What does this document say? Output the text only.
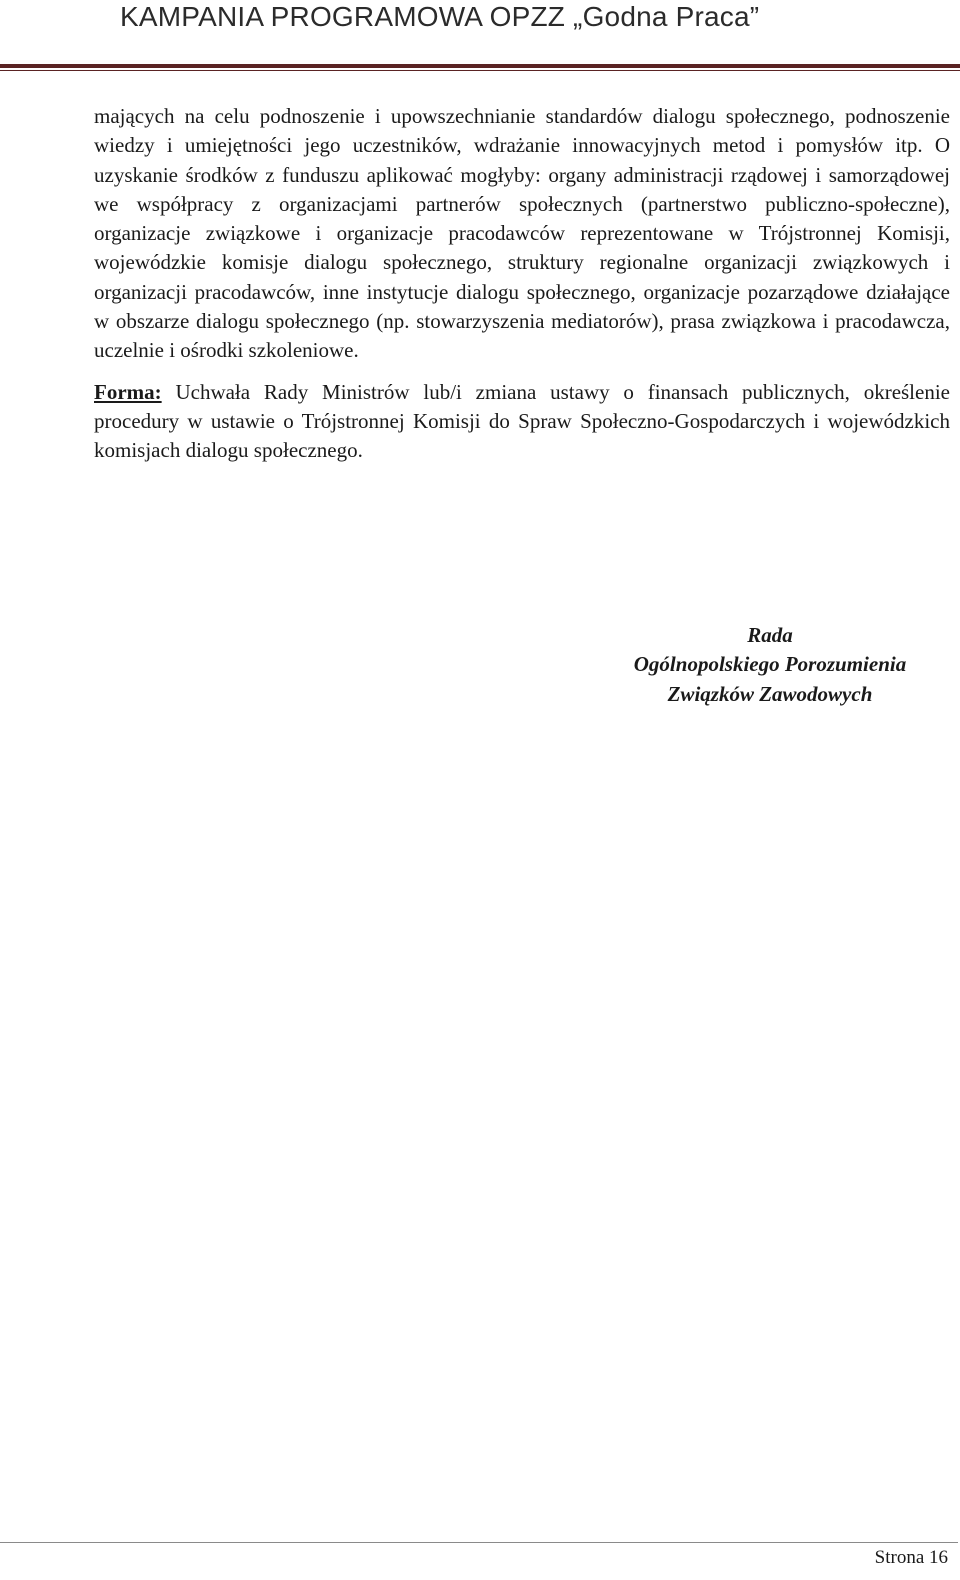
KAMPANIA PROGRAMOWA OPZZ „Godna Praca”

mających na celu podnoszenie i upowszechnianie standardów dialogu społecznego, podnoszenie wiedzy i umiejętności jego uczestników, wdrażanie innowacyjnych metod i pomysłów itp. O uzyskanie środków z funduszu aplikować mogłyby: organy administracji rządowej i samorządowej we współpracy z organizacjami partnerów społecznych (partnerstwo publiczno-społeczne), organizacje związkowe i organizacje pracodawców reprezentowane w Trójstronnej Komisji, wojewódzkie komisje dialogu społecznego, struktury regionalne organizacji związkowych i organizacji pracodawców, inne instytucje dialogu społecznego, organizacje pozarządowe działające w obszarze dialogu społecznego (np. stowarzyszenia mediatorów), prasa związkowa i pracodawcza, uczelnie i ośrodki szkoleniowe.

Forma: Uchwała Rady Ministrów lub/i zmiana ustawy o finansach publicznych, określenie procedury w ustawie o Trójstronnej Komisji do Spraw Społeczno-Gospodarczych i wojewódzkich komisjach dialogu społecznego.

Rada
Ogólnopolskiego Porozumienia
Związków Zawodowych
Strona 16
